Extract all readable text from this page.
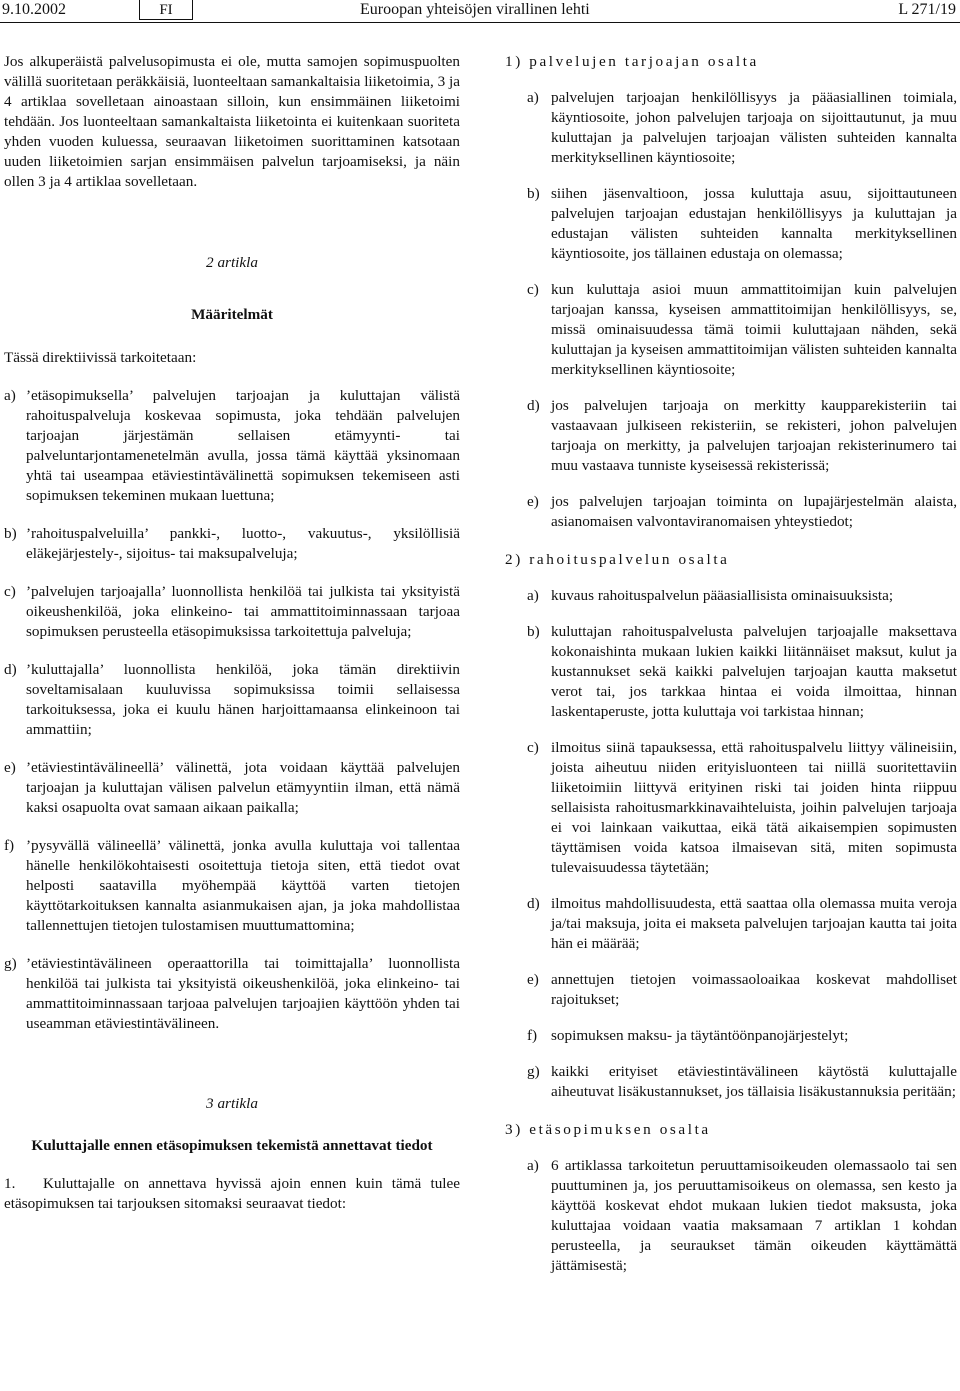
9.10.2002	FI	Euroopan yhteisöjen virallinen lehti	L 271/19

Jos alkuperäistä palvelusopimusta ei ole, mutta samojen sopimuspuolten välillä suoritetaan peräkkäisiä, luonteeltaan samankaltaisia liiketoimia, 3 ja 4 artiklaa sovelletaan ainoastaan silloin, kun ensimmäinen liiketoimi tehdään. Jos luonteeltaan samankaltaista liiketointa ei kuitenkaan suoriteta yhden vuoden kuluessa, seuraavan liiketoimen suorittaminen katsotaan uuden liiketoimien sarjan ensimmäisen palvelun tarjoamiseksi, ja näin ollen 3 ja 4 artiklaa sovelletaan.

2 artikla

Määritelmät

Tässä direktiivissä tarkoitetaan:

a) ’etäsopimuksella’ palvelujen tarjoajan ja kuluttajan välistä rahoituspalveluja koskevaa sopimusta, joka tehdään palvelujen tarjoajan järjestämän sellaisen etämyynti- tai palveluntarjontamenetelmän avulla, jossa tämä käyttää yksinomaan yhtä tai useampaa etäviestintävälinettä sopimuksen tekemiseen asti sopimuksen tekeminen mukaan luettuna;
b) ’rahoituspalveluilla’ pankki-, luotto-, vakuutus-, yksilöllisiä eläkejärjestely-, sijoitus- tai maksupalveluja;
c) ’palvelujen tarjoajalla’ luonnollista henkilöä tai julkista tai yksityistä oikeushenkilöä, joka elinkeino- tai ammattitoiminnassaan tarjoaa sopimuksen perusteella etäsopimuksissa tarkoitettuja palveluja;
d) ’kuluttajalla’ luonnollista henkilöä, joka tämän direktiivin soveltamisalaan kuuluvissa sopimuksissa toimii sellaisessa tarkoituksessa, joka ei kuulu hänen harjoittamaansa elinkeinoon tai ammattiin;
e) ’etäviestintävälineellä’ välinettä, jota voidaan käyttää palvelujen tarjoajan ja kuluttajan välisen palvelun etämyyntiin ilman, että nämä kaksi osapuolta ovat samaan aikaan paikalla;
f) ’pysyvällä välineellä’ välinettä, jonka avulla kuluttaja voi tallentaa hänelle henkilökohtaisesti osoitettuja tietoja siten, että tiedot ovat helposti saatavilla myöhempää käyttöä varten tietojen käyttötarkoituksen kannalta asianmukaisen ajan, ja joka mahdollistaa tallennettujen tietojen tulostamisen muuttumattomina;
g) ’etäviestintävälineen operaattorilla tai toimittajalla’ luonnollista henkilöä tai julkista tai yksityistä oikeushenkilöä, joka elinkeino- tai ammattitoiminnassaan tarjoaa palvelujen tarjoajien käyttöön yhden tai useamman etäviestintävälineen.

3 artikla

Kuluttajalle ennen etäsopimuksen tekemistä annettavat tiedot

1.   Kuluttajalle on annettava hyvissä ajoin ennen kuin tämä tulee etäsopimuksen tai tarjouksen sitomaksi seuraavat tiedot:

1) palvelujen tarjoajan osalta

a) palvelujen tarjoajan henkilöllisyys ja pääasiallinen toimiala, käyntiosoite, johon palvelujen tarjoaja on sijoittautunut, ja muu kuluttajan ja palvelujen tarjoajan välisten suhteiden kannalta merkityksellinen käyntiosoite;
b) siihen jäsenvaltioon, jossa kuluttaja asuu, sijoittautuneen palvelujen tarjoajan edustajan henkilöllisyys ja kuluttajan ja edustajan välisten suhteiden kannalta merkityksellinen käyntiosoite, jos tällainen edustaja on olemassa;
c) kun kuluttaja asioi muun ammattitoimijan kuin palvelujen tarjoajan kanssa, kyseisen ammattitoimijan henkilöllisyys, se, missä ominaisuudessa tämä toimii kuluttajaan nähden, sekä kuluttajan ja kyseisen ammattitoimijan välisten suhteiden kannalta merkityksellinen käyntiosoite;
d) jos palvelujen tarjoaja on merkitty kaupparekisteriin tai vastaavaan julkiseen rekisteriin, se rekisteri, johon palvelujen tarjoaja on merkitty, ja palvelujen tarjoajan rekisterinumero tai muu vastaava tunniste kyseisessä rekisterissä;
e) jos palvelujen tarjoajan toiminta on lupajärjestelmän alaista, asianomaisen valvontaviranomaisen yhteystiedot;

2) rahoituspalvelun osalta

a) kuvaus rahoituspalvelun pääasiallisista ominaisuuksista;
b) kuluttajan rahoituspalvelusta palvelujen tarjoajalle maksettava kokonaishinta mukaan lukien kaikki liitännäiset maksut, kulut ja kustannukset sekä kaikki palvelujen tarjoajan kautta maksetut verot tai, jos tarkkaa hintaa ei voida ilmoittaa, hinnan laskentaperuste, jotta kuluttaja voi tarkistaa hinnan;
c) ilmoitus siinä tapauksessa, että rahoituspalvelu liittyy välineisiin, joista aiheutuu niiden erityisluonteen tai niillä suoritettaviin liiketoimiin liittyvä erityinen riski tai joiden hinta riippuu sellaisista rahoitusmarkkinavaihteluista, joihin palvelujen tarjoaja ei voi lainkaan vaikuttaa, eikä tätä aikaisempien sopimusten täyttämisen voida katsoa ilmaisevan sitä, miten sopimusta tulevaisuudessa täytetään;
d) ilmoitus mahdollisuudesta, että saattaa olla olemassa muita veroja ja/tai maksuja, joita ei makseta palvelujen tarjoajan kautta tai joita hän ei määrää;
e) annettujen tietojen voimassaoloaikaa koskevat mahdolliset rajoitukset;
f) sopimuksen maksu- ja täytäntöönpanojärjestelyt;
g) kaikki erityiset etäviestintävälineen käytöstä kuluttajalle aiheutuvat lisäkustannukset, jos tällaisia lisäkustannuksia peritään;

3) etäsopimuksen osalta

a) 6 artiklassa tarkoitetun peruuttamisoikeuden olemassaolo tai sen puuttuminen ja, jos peruuttamisoikeus on olemassa, sen kesto ja käyttöä koskevat ehdot mukaan lukien tiedot maksusta, joka kuluttajaa voidaan vaatia maksamaan 7 artiklan 1 kohdan perusteella, ja seuraukset tämän oikeuden käyttämättä jättämisestä;
